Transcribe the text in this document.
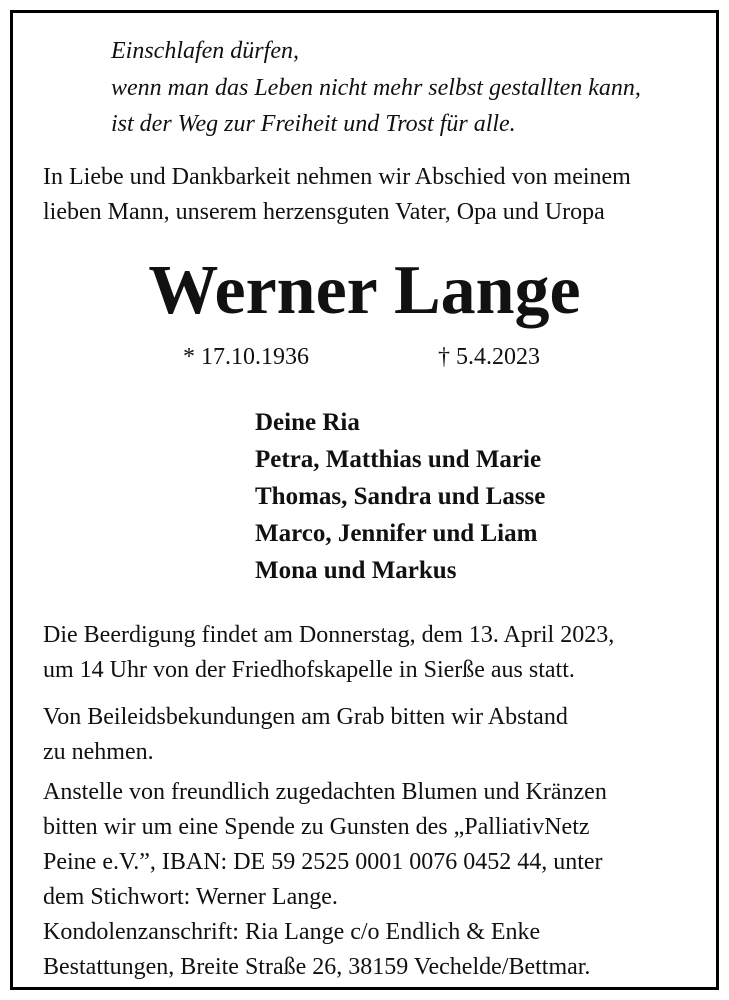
Einschlafen dürfen,
wenn man das Leben nicht mehr selbst gestallten kann,
ist der Weg zur Freiheit und Trost für alle.
In Liebe und Dankbarkeit nehmen wir Abschied von meinem
lieben Mann, unserem herzensguten Vater, Opa und Uropa
Werner Lange
* 17.10.1936	† 5.4.2023
Deine Ria
Petra, Matthias und Marie
Thomas, Sandra und Lasse
Marco, Jennifer und Liam
Mona und Markus
Die Beerdigung findet am Donnerstag, dem 13. April 2023,
um 14 Uhr von der Friedhofskapelle in Sierße aus statt.
Von Beileidsbekundungen am Grab bitten wir Abstand
zu nehmen.
Anstelle von freundlich zugedachten Blumen und Kränzen
bitten wir um eine Spende zu Gunsten des „PalliativNetz
Peine e.V.”, IBAN: DE 59 2525 0001 0076 0452 44, unter
dem Stichwort: Werner Lange.
Kondolenzanschrift: Ria Lange c/o Endlich & Enke
Bestattungen, Breite Straße 26, 38159 Vechelde/Bettmar.
